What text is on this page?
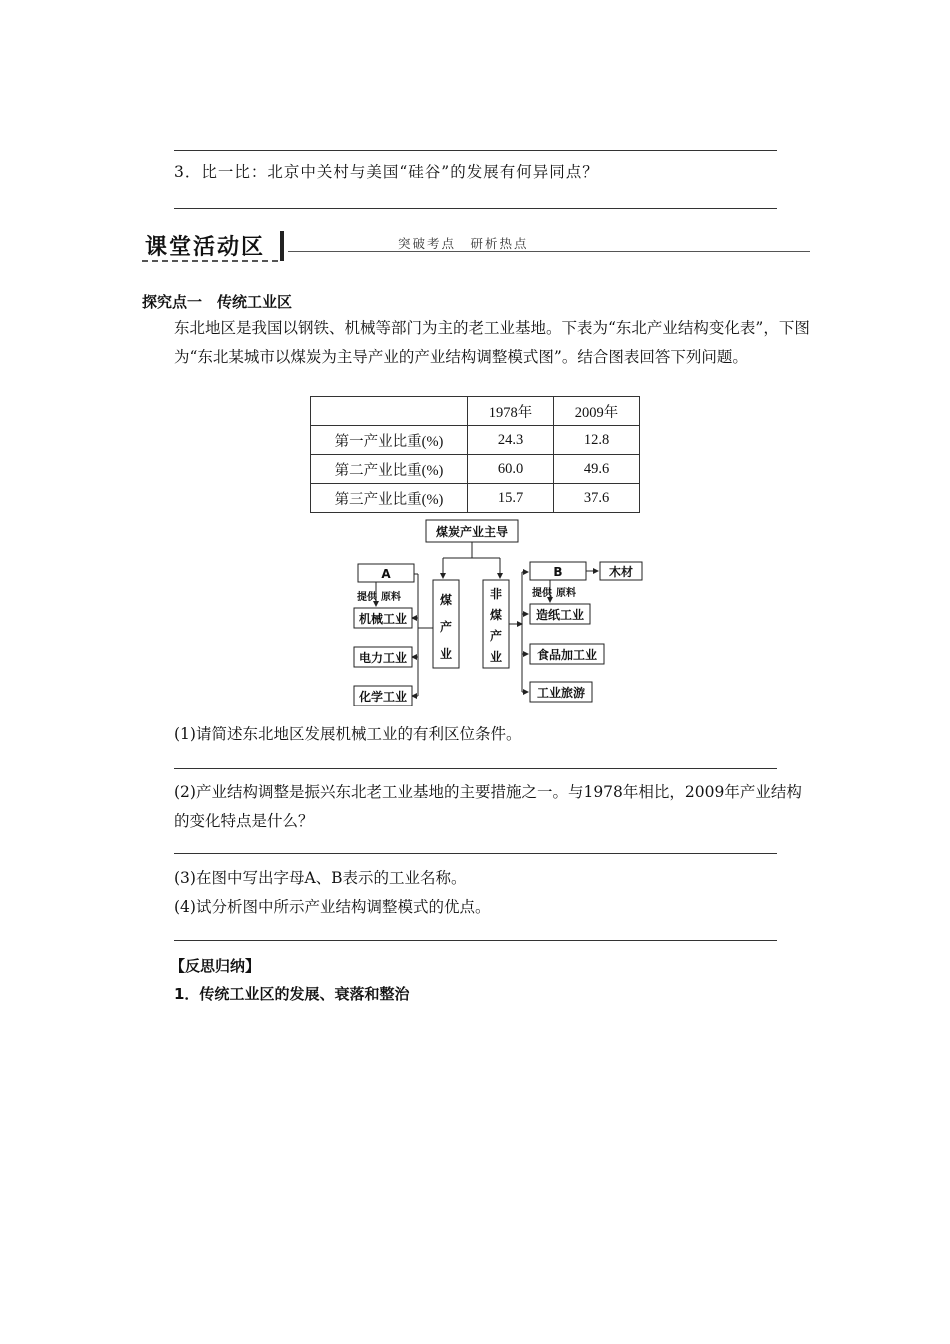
3．比一比：北京中关村与美国“硅谷”的发展有何异同点？
课堂活动区	突破考点　研析热点
探究点一　传统工业区
东北地区是我国以钢铁、机械等部门为主的老工业基地。下表为“东北产业结构变化表”，下图为“东北某城市以煤炭为主导产业的产业结构调整模式图”。结合图表回答下列问题。
	1978年	2009年
第一产业比重(%)	24.3	12.8
第二产业比重(%)	60.0	49.6
第三产业比重(%)	15.7	37.6
煤炭产业主导
A	B	木材
机械工业
电力工业
化学工业
造纸工业
食品加工业
工业旅游
提供 原料	提供 原料
煤
产
业
非
煤
产
业
(1)请简述东北地区发展机械工业的有利区位条件。
(2)产业结构调整是振兴东北老工业基地的主要措施之一。与1978年相比，2009年产业结构的变化特点是什么？
(3)在图中写出字母A、B表示的工业名称。
(4)试分析图中所示产业结构调整模式的优点。
【反思归纳】
1．传统工业区的发展、衰落和整治
